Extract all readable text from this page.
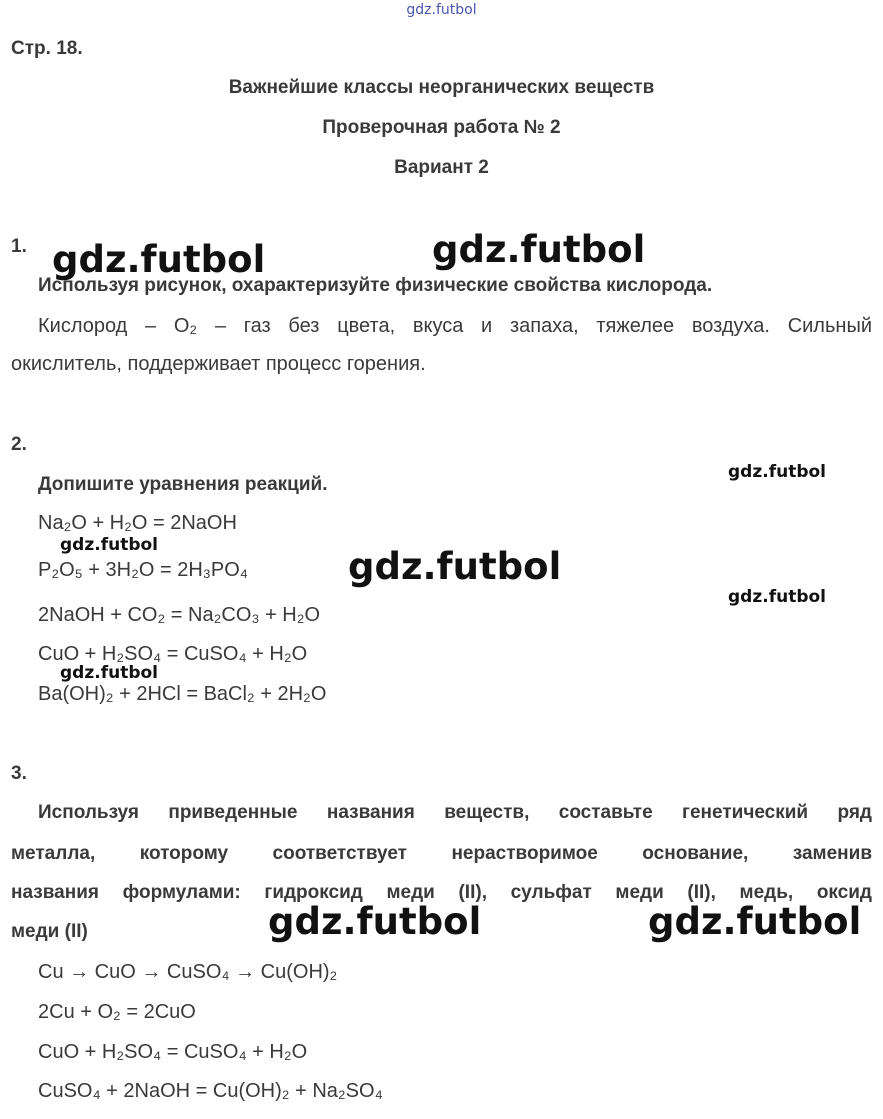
gdz.futbol
Стр. 18.
Важнейшие классы неорганических веществ
Проверочная работа № 2
Вариант 2
1.
Используя рисунок, охарактеризуйте физические свойства кислорода.
Кислород – O₂ – газ без цвета, вкуса и запаха, тяжелее воздуха. Сильный
окислитель, поддерживает процесс горения.
2.
Допишите уравнения реакций.
Na₂O + H₂O = 2NaOH
P₂O₅ + 3H₂O = 2H₃PO₄
2NaOH + CO₂ = Na₂CO₃ + H₂O
CuO + H₂SO₄ = CuSO₄ + H₂O
Ba(OH)₂ + 2HCl = BaCl₂ + 2H₂O
3.
Используя приведенные названия веществ, составьте генетический ряд
металла, которому соответствует нерастворимое основание, заменив
названия формулами: гидроксид меди (II), сульфат меди (II), медь, оксид
меди (II)
Cu → CuO → CuSO₄ → Cu(OH)₂
2Cu + O₂ = 2CuO
CuO + H₂SO₄ = CuSO₄ + H₂O
CuSO₄ + 2NaOH = Cu(OH)₂ + Na₂SO₄
gdz.futbol	gdz.futbol
gdz.futbol
gdz.futbol	gdz.futbol
gdz.futbol
gdz.futbol
gdz.futbol	gdz.futbol
